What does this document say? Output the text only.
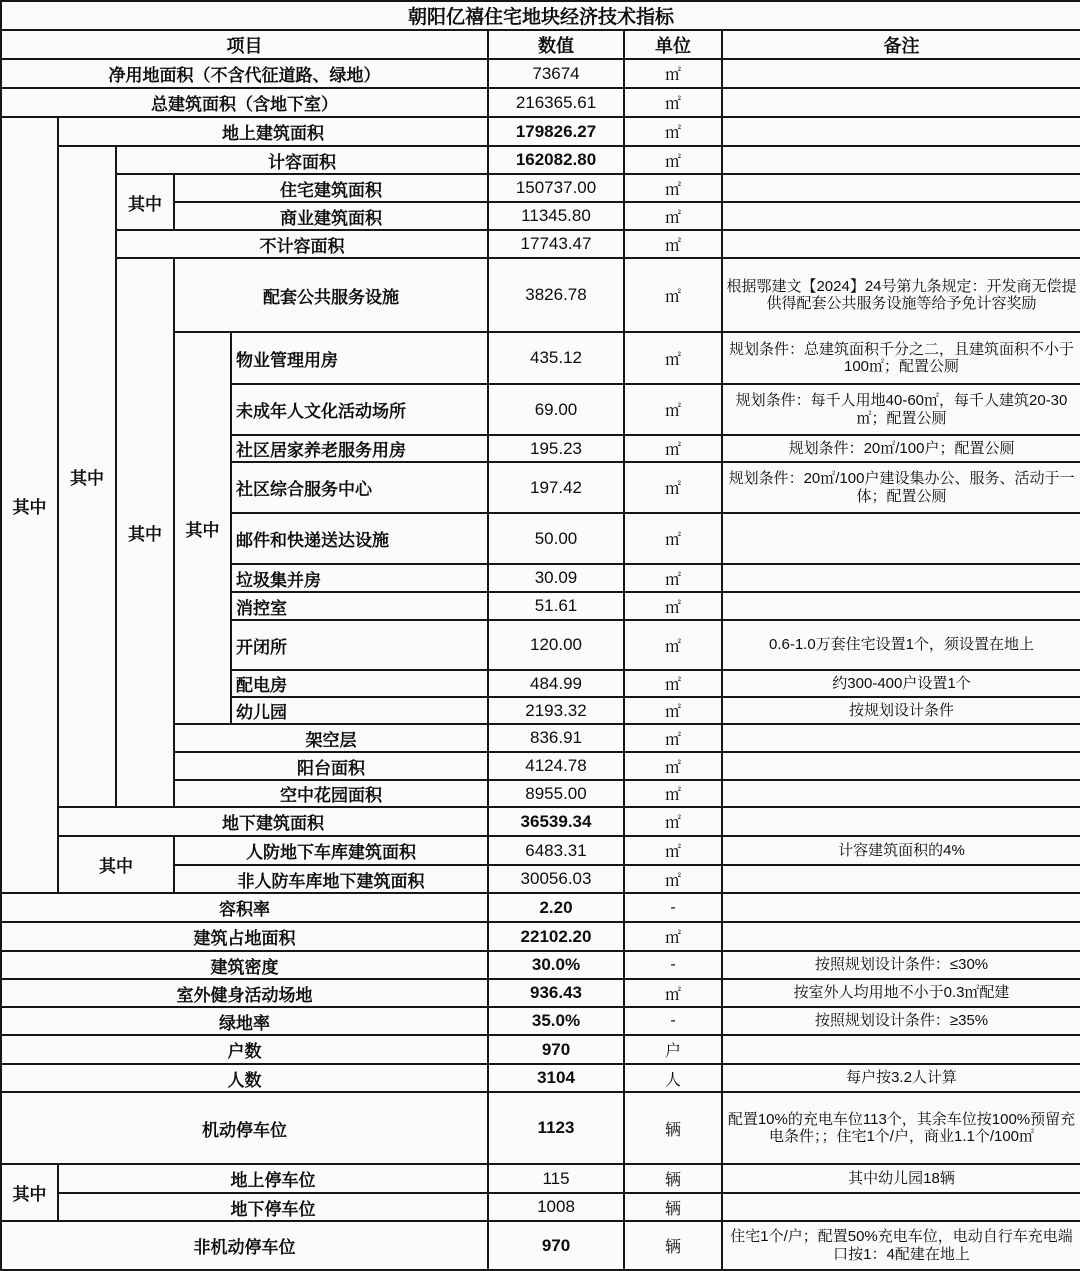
朝阳亿禧住宅地块经济技术指标							
项目					数值	单位	备注
净用地面积（不含代征道路、绿地）					73674	㎡	
总建筑面积（含地下室）					216365.61	㎡	
其中	地上建筑面积				179826.27	㎡	
	其中	计容面积			162082.80	㎡	
		其中	住宅建筑面积		150737.00	㎡	
			商业建筑面积		11345.80	㎡	
		不计容面积			17743.47	㎡	
		其中	配套公共服务设施		3826.78	㎡	根据鄂建文【2024】24号第九条规定：开发商无偿提供得配套公共服务设施等给予免计容奖励
			其中	物业管理用房	435.12	㎡	规划条件：总建筑面积千分之二，且建筑面积不小于100㎡；配置公厕
				未成年人文化活动场所	69.00	㎡	规划条件：每千人用地40-60㎡，每千人建筑20-30㎡；配置公厕
				社区居家养老服务用房	195.23	㎡	规划条件：20㎡/100户；配置公厕
				社区综合服务中心	197.42	㎡	规划条件：20㎡/100户建设集办公、服务、活动于一体；配置公厕
				邮件和快递送达设施	50.00	㎡	
				垃圾集并房	30.09	㎡	
				消控室	51.61	㎡	
				开闭所	120.00	㎡	0.6-1.0万套住宅设置1个，须设置在地上
				配电房	484.99	㎡	约300-400户设置1个
				幼儿园	2193.32	㎡	按规划设计条件
			架空层		836.91	㎡	
			阳台面积		4124.78	㎡	
			空中花园面积		8955.00	㎡	
	地下建筑面积				36539.34	㎡	
	其中		人防地下车库建筑面积		6483.31	㎡	计容建筑面积的4%
			非人防车库地下建筑面积		30056.03	㎡	
容积率					2.20	-	
建筑占地面积					22102.20	㎡	
建筑密度					30.0%	-	按照规划设计条件：≤30%
室外健身活动场地					936.43	㎡	按室外人均用地不小于0.3㎡配建
绿地率					35.0%	-	按照规划设计条件：≥35%
户数					970	户	
人数					3104	人	每户按3.2人计算
机动停车位					1123	辆	配置10%的充电车位113个，其余车位按100%预留充电条件；；住宅1个/户，商业1.1个/100㎡
其中	地上停车位				115	辆	其中幼儿园18辆
	地下停车位				1008	辆	
非机动停车位					970	辆	住宅1个/户；配置50%充电车位，电动自行车充电端口按1：4配建在地上
